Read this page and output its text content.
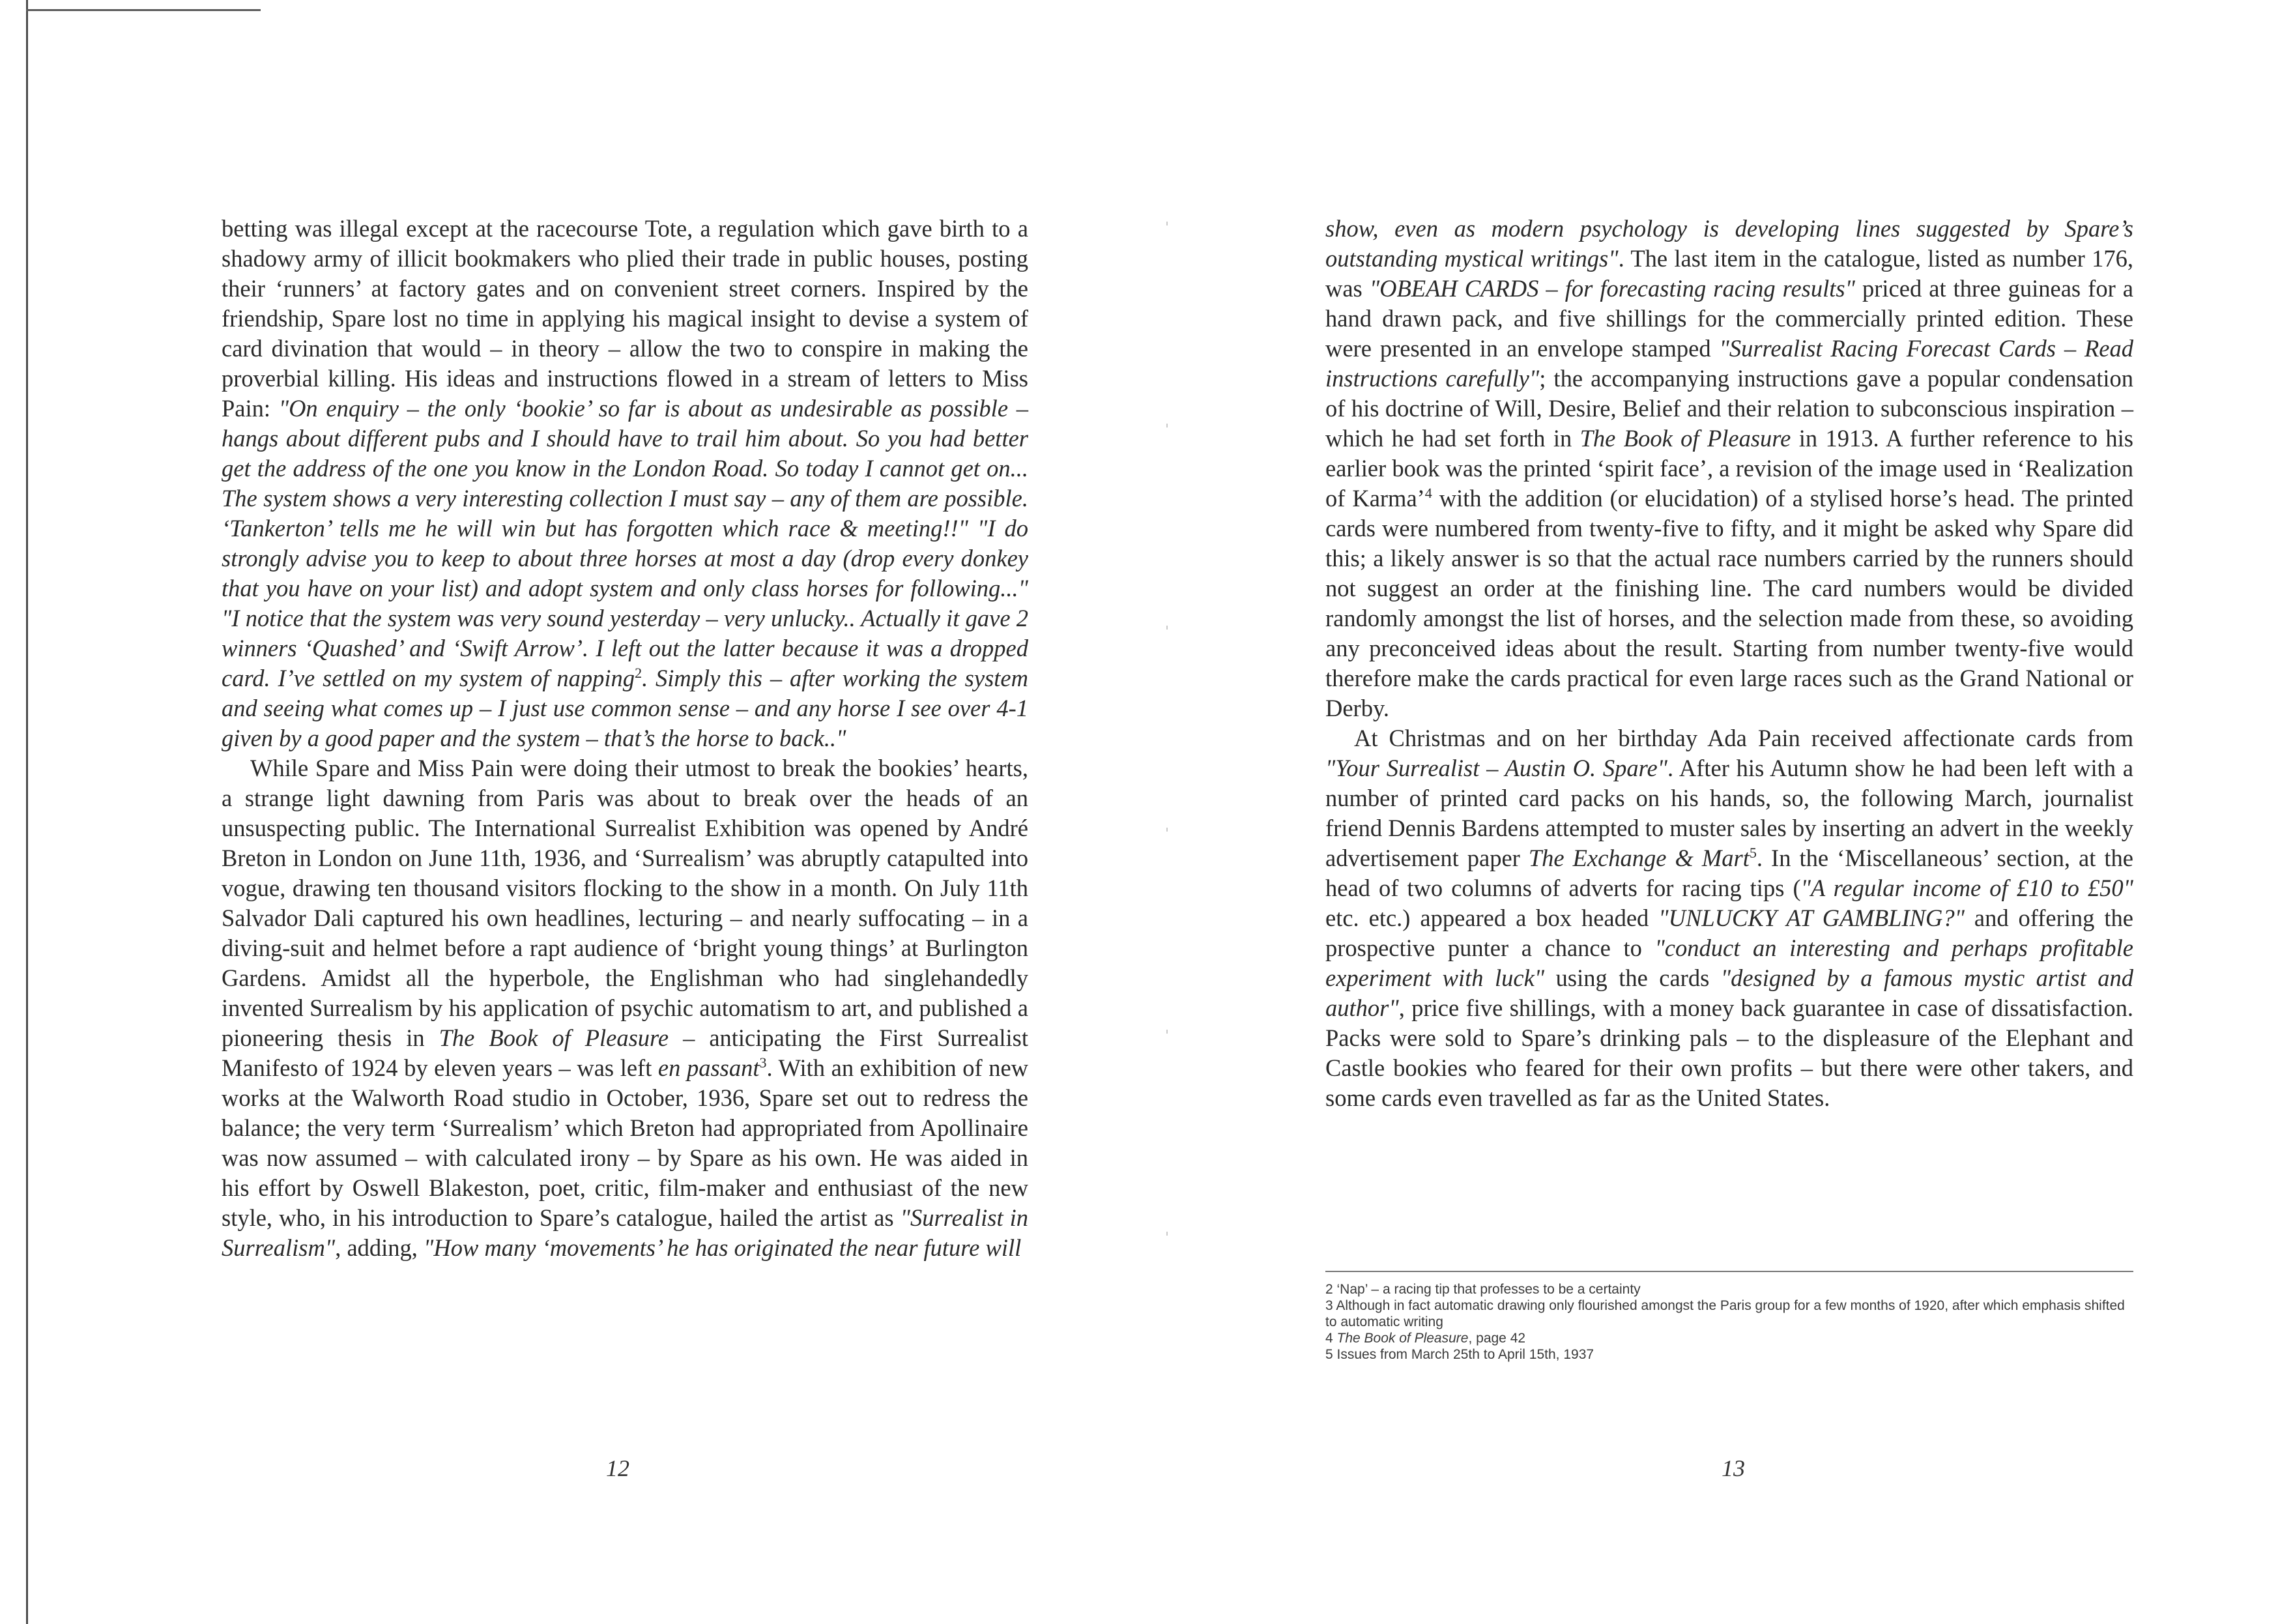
betting was illegal except at the racecourse Tote, a regulation which gave birth to a shadowy army of illicit bookmakers who plied their trade in public houses, posting their ‘runners’ at factory gates and on convenient street corners. Inspired by the friendship, Spare lost no time in applying his magical insight to devise a system of card divination that would – in theory – allow the two to conspire in making the proverbial killing. His ideas and instructions flowed in a stream of letters to Miss Pain: "On enquiry – the only ‘bookie’ so far is about as undesirable as possible – hangs about different pubs and I should have to trail him about. So you had better get the address of the one you know in the London Road. So today I cannot get on... The system shows a very interesting collection I must say – any of them are possible. ‘Tankerton’ tells me he will win but has forgotten which race & meeting!!" "I do strongly advise you to keep to about three horses at most a day (drop every donkey that you have on your list) and adopt system and only class horses for following..." "I notice that the system was very sound yesterday – very unlucky.. Actually it gave 2 winners ‘Quashed’ and ‘Swift Arrow’. I left out the latter because it was a dropped card. I’ve settled on my system of napping$^2$. Simply this – after working the system and seeing what comes up – I just use common sense – and any horse I see over 4-1 given by a good paper and the system – that’s the horse to back.."

While Spare and Miss Pain were doing their utmost to break the bookies’ hearts, a strange light dawning from Paris was about to break over the heads of an unsuspecting public. The International Surrealist Exhibition was opened by André Breton in London on June 11th, 1936, and ‘Surrealism’ was abruptly catapulted into vogue, drawing ten thousand visitors flocking to the show in a month. On July 11th Salvador Dali captured his own headlines, lecturing – and nearly suffocating – in a diving-suit and helmet before a rapt audience of ‘bright young things’ at Burlington Gardens. Amidst all the hyperbole, the Englishman who had singlehandedly invented Surrealism by his application of psychic automatism to art, and published a pioneering thesis in The Book of Pleasure – anticipating the First Surrealist Manifesto of 1924 by eleven years – was left en passant$^3$. With an exhibition of new works at the Walworth Road studio in October, 1936, Spare set out to redress the balance; the very term ‘Surrealism’ which Breton had appropriated from Apollinaire was now assumed – with calculated irony – by Spare as his own. He was aided in his effort by Oswell Blakeston, poet, critic, film-maker and enthusiast of the new style, who, in his introduction to Spare’s catalogue, hailed the artist as "Surrealist in Surrealism", adding, "How many ‘movements’ he has originated the near future will

12

show, even as modern psychology is developing lines suggested by Spare’s outstanding mystical writings". The last item in the catalogue, listed as number 176, was "OBEAH CARDS – for forecasting racing results" priced at three guineas for a hand drawn pack, and five shillings for the commercially printed edition. These were presented in an envelope stamped "Surrealist Racing Forecast Cards – Read instructions carefully"; the accompanying instructions gave a popular condensation of his doctrine of Will, Desire, Belief and their relation to subconscious inspiration – which he had set forth in The Book of Pleasure in 1913. A further reference to his earlier book was the printed ‘spirit face’, a revision of the image used in ‘Realization of Karma’$^4$ with the addition (or elucidation) of a stylised horse’s head. The printed cards were numbered from twenty-five to fifty, and it might be asked why Spare did this; a likely answer is so that the actual race numbers carried by the runners should not suggest an order at the finishing line. The card numbers would be divided randomly amongst the list of horses, and the selection made from these, so avoiding any preconceived ideas about the result. Starting from number twenty-five would therefore make the cards practical for even large races such as the Grand National or Derby.

At Christmas and on her birthday Ada Pain received affectionate cards from "Your Surrealist – Austin O. Spare". After his Autumn show he had been left with a number of printed card packs on his hands, so, the following March, journalist friend Dennis Bardens attempted to muster sales by inserting an advert in the weekly advertisement paper The Exchange & Mart$^5$. In the ‘Miscellaneous’ section, at the head of two columns of adverts for racing tips ("A regular income of £10 to £50" etc. etc.) appeared a box headed "UNLUCKY AT GAMBLING?" and offering the prospective punter a chance to "conduct an interesting and perhaps profitable experiment with luck" using the cards "designed by a famous mystic artist and author", price five shillings, with a money back guarantee in case of dissatisfaction. Packs were sold to Spare’s drinking pals – to the displeasure of the Elephant and Castle bookies who feared for their own profits – but there were other takers, and some cards even travelled as far as the United States.

2 ‘Nap’ – a racing tip that professes to be a certainty

3 Although in fact automatic drawing only flourished amongst the Paris group for a few months of 1920, after which emphasis shifted to automatic writing

4 The Book of Pleasure, page 42

5 Issues from March 25th to April 15th, 1937

13
